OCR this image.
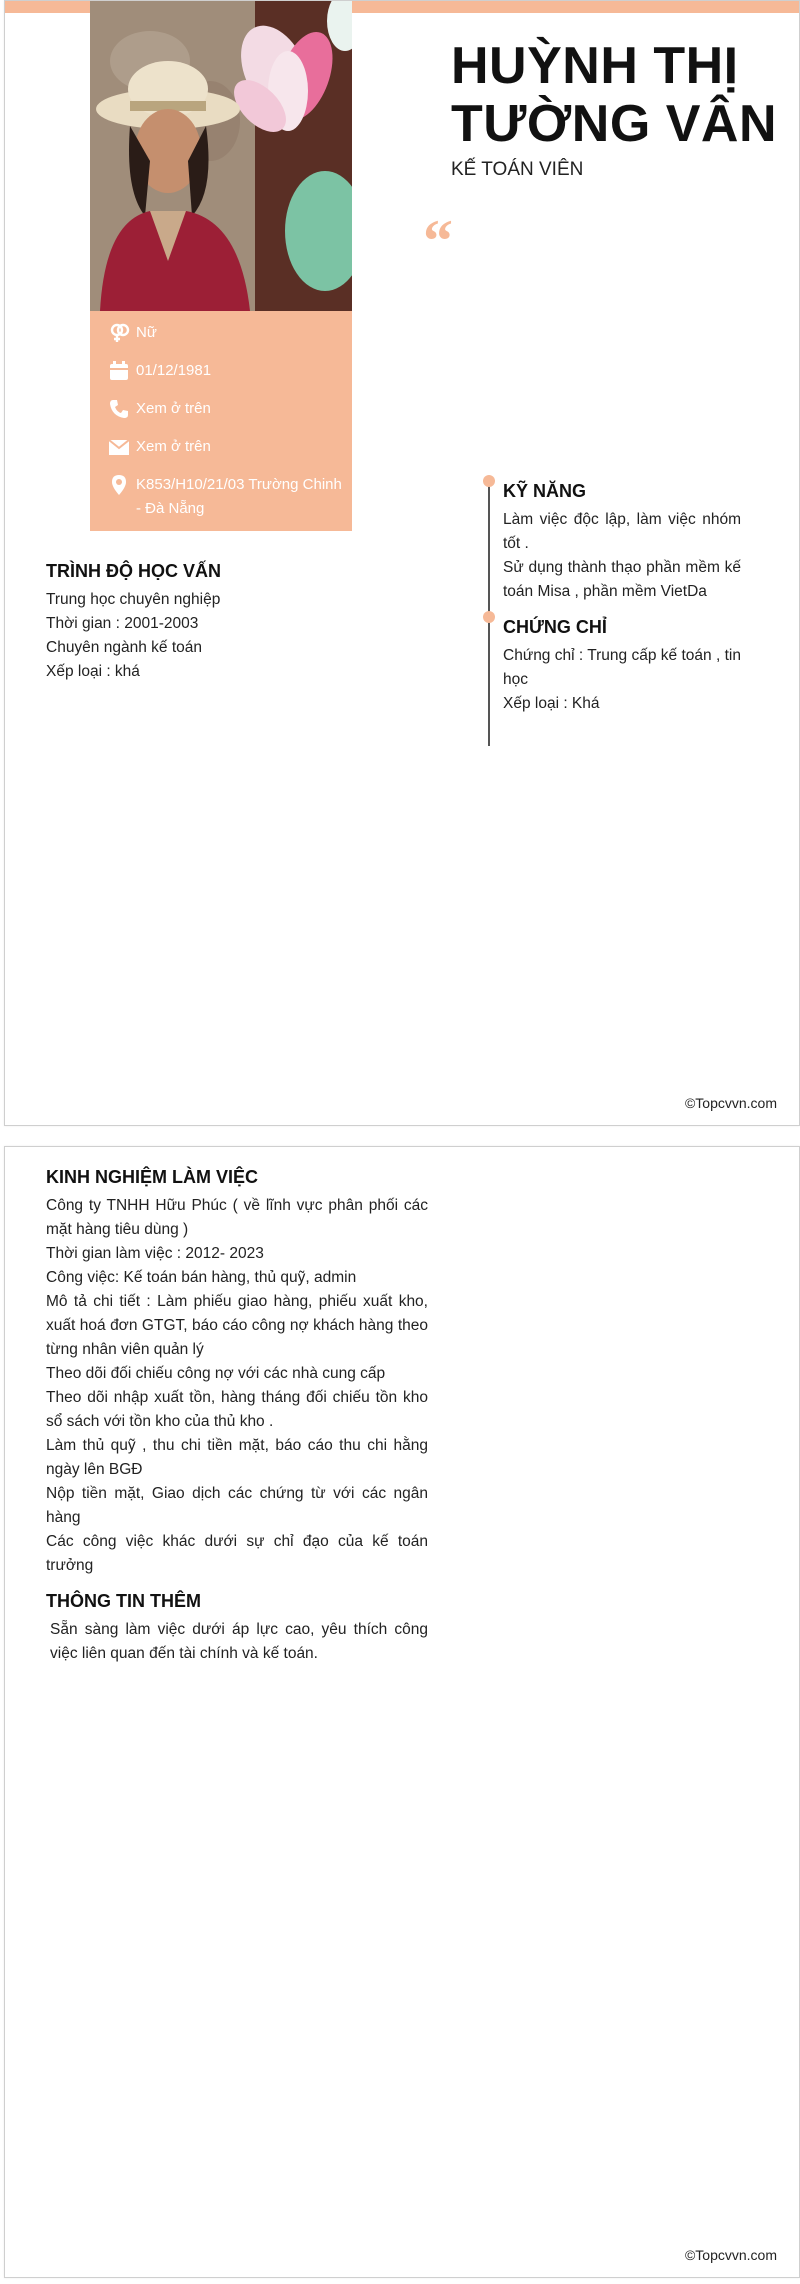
Nữ
01/12/1981
Xem ở trên
Xem ở trên
K853/H10/21/03 Trường Chinh - Đà Nẵng
HUỲNH THỊ
TƯỜNG VÂN
KẾ TOÁN VIÊN
“
TRÌNH ĐỘ HỌC VẤN
Trung học chuyên nghiệp
Thời gian : 2001-2003
Chuyên ngành kế toán
Xếp loại : khá
KỸ NĂNG
Làm việc độc lập, làm việc nhóm tốt .
Sử dụng thành thạo phần mềm kế toán Misa , phần mềm VietDa
CHỨNG CHỈ
Chứng chỉ : Trung cấp kế toán , tin học
Xếp loại : Khá
©Topcvvn.com
KINH NGHIỆM LÀM VIỆC
Công ty TNHH Hữu Phúc ( về lĩnh vực phân phối các mặt hàng tiêu dùng )
Thời gian làm việc : 2012- 2023
Công việc: Kế toán bán hàng, thủ quỹ, admin
Mô tả chi tiết : Làm phiếu giao hàng, phiếu xuất kho, xuất hoá đơn GTGT, báo cáo công nợ khách hàng theo từng nhân viên quản lý
Theo dõi đối chiếu công nợ với các nhà cung cấp
Theo dõi nhập xuất tồn, hàng tháng đối chiếu tồn kho sổ sách với tồn kho của thủ kho .
Làm thủ quỹ , thu chi tiền mặt, báo cáo thu chi hằng ngày lên BGĐ
Nộp tiền mặt, Giao dịch các chứng từ với các ngân hàng
Các công việc khác dưới sự chỉ đạo của kế toán trưởng
THÔNG TIN THÊM
Sẵn sàng làm việc dưới áp lực cao, yêu thích công việc liên quan đến tài chính và kế toán.
©Topcvvn.com
